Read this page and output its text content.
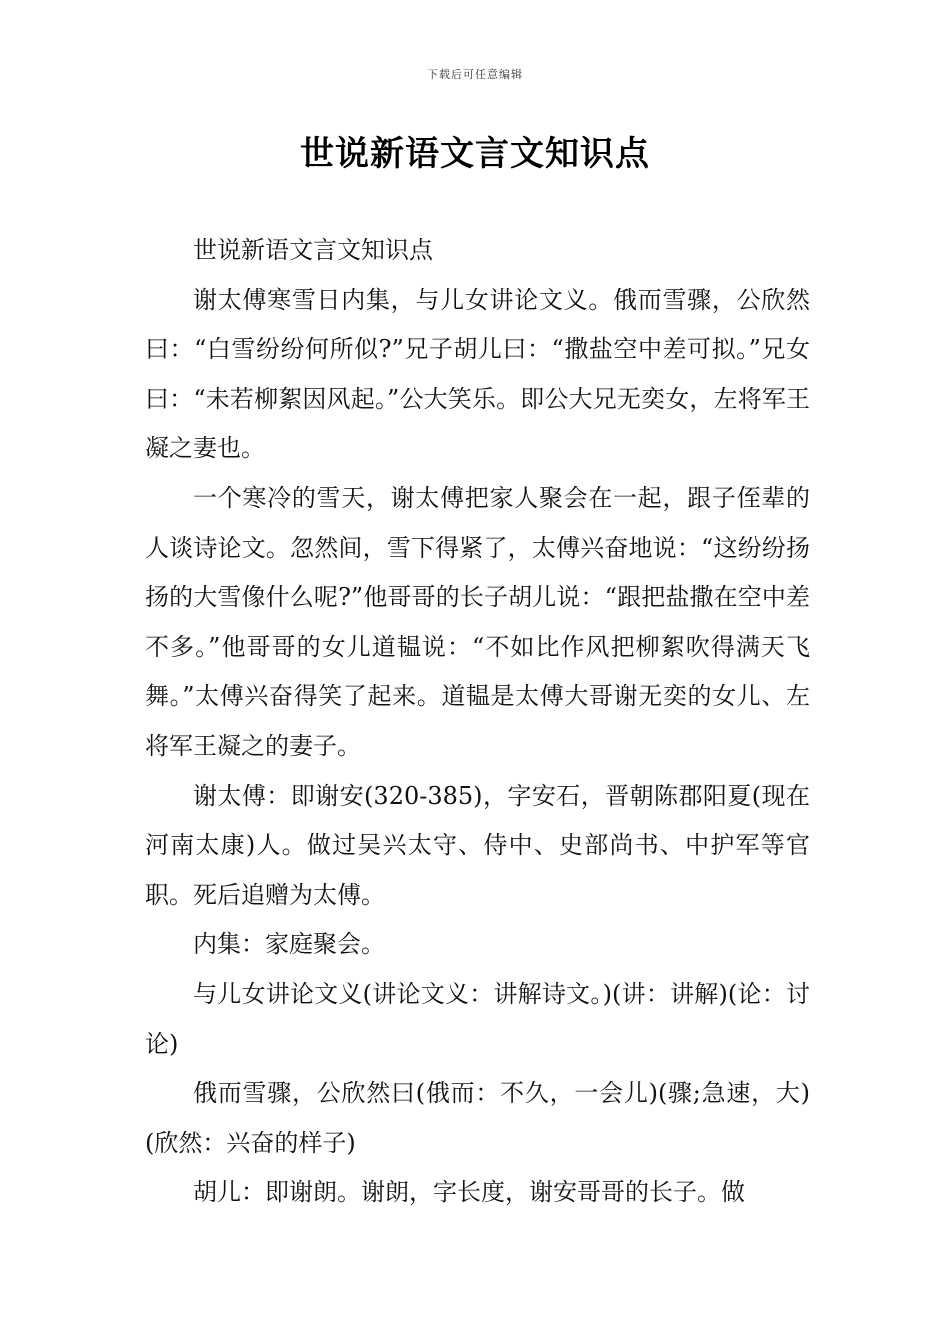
下载后可任意编辑
世说新语文言文知识点

世说新语文言文知识点

谢太傅寒雪日内集，与儿女讲论文义。俄而雪骤，公欣然曰：“白雪纷纷何所似?”兄子胡儿曰：“撒盐空中差可拟。”兄女曰：“未若柳絮因风起。”公大笑乐。即公大兄无奕女，左将军王凝之妻也。

一个寒冷的雪天，谢太傅把家人聚会在一起，跟子侄辈的人谈诗论文。忽然间，雪下得紧了，太傅兴奋地说：“这纷纷扬扬的大雪像什么呢?”他哥哥的长子胡儿说：“跟把盐撒在空中差不多。”他哥哥的女儿道韫说：“不如比作风把柳絮吹得满天飞舞。”太傅兴奋得笑了起来。道韫是太傅大哥谢无奕的女儿、左将军王凝之的妻子。

谢太傅：即谢安(320-385)，字安石，晋朝陈郡阳夏(现在河南太康)人。做过吴兴太守、侍中、史部尚书、中护军等官职。死后追赠为太傅。

内集：家庭聚会。

与儿女讲论文义(讲论文义：讲解诗文。)(讲：讲解)(论：讨论)

俄而雪骤，公欣然曰(俄而：不久，一会儿)(骤;急速，大)(欣然：兴奋的样子)

胡儿：即谢朗。谢朗，字长度，谢安哥哥的长子。做
